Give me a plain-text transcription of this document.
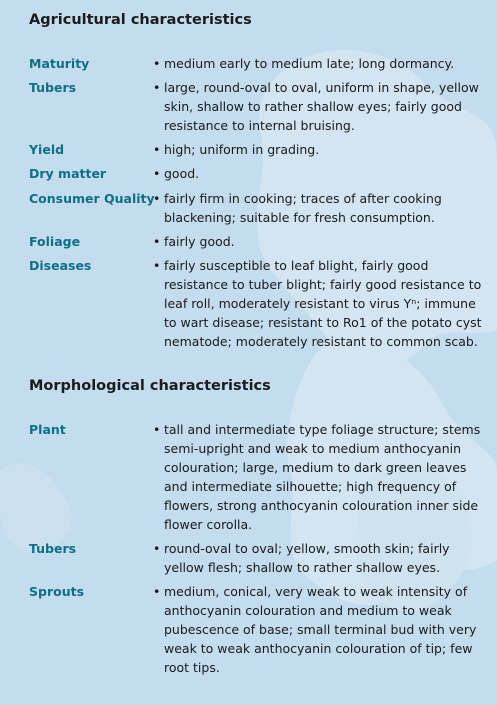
Agricultural characteristics
Maturity	• medium early to medium late; long dormancy.
Tubers	• large, round-oval to oval, uniform in shape, yellow
skin, shallow to rather shallow eyes; fairly good
resistance to internal bruising.
Yield	• high; uniform in grading.
Dry matter	• good.
Consumer Quality
• fairly firm in cooking; traces of after cooking
blackening; suitable for fresh consumption.
Foliage	• fairly good.
Diseases	• fairly susceptible to leaf blight, fairly good
resistance to tuber blight; fairly good resistance to
leaf roll, moderately resistant to virus Yⁿ; immune
to wart disease; resistant to Ro1 of the potato cyst
nematode; moderately resistant to common scab.
Morphological characteristics
Plant	• tall and intermediate type foliage structure; stems
semi-upright and weak to medium anthocyanin
colouration; large, medium to dark green leaves
and intermediate silhouette; high frequency of
flowers, strong anthocyanin colouration inner side
flower corolla.
Tubers	• round-oval to oval; yellow, smooth skin; fairly
yellow flesh; shallow to rather shallow eyes.
Sprouts	• medium, conical, very weak to weak intensity of
anthocyanin colouration and medium to weak
pubescence of base; small terminal bud with very
weak to weak anthocyanin colouration of tip; few
root tips.
